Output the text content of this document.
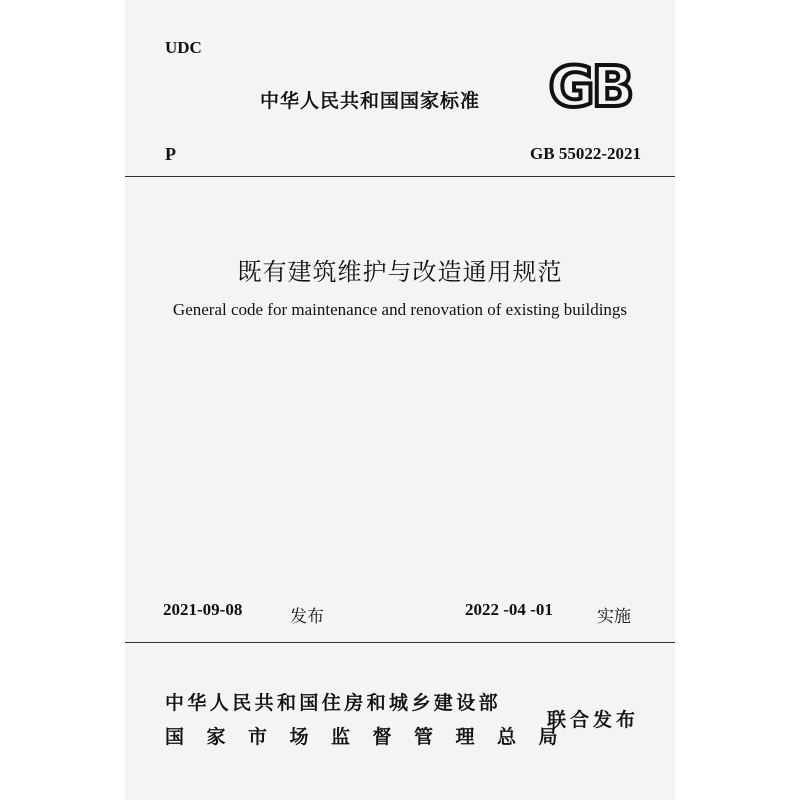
UDC
中华人民共和国国家标准 GB
P	GB 55022-2021
既有建筑维护与改造通用规范
General code for maintenance and renovation of existing buildings
2021-09-08	发布	2022 -04 -01	实施
中华人民共和国住房和城乡建设部
国家市场监督管理总局
联合发布
